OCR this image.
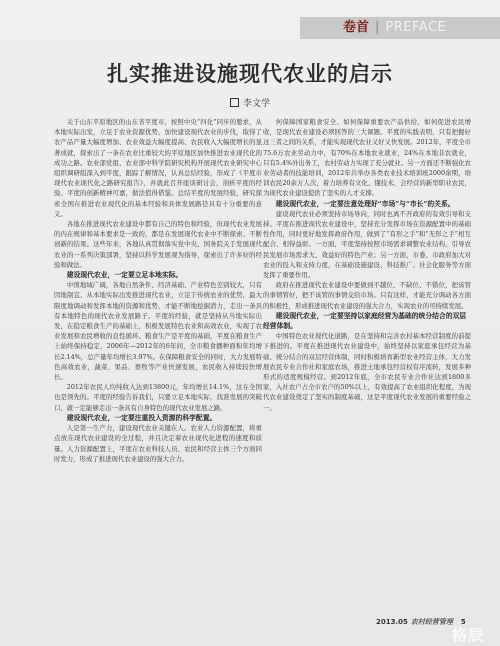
卷首 | PREFACE
扎实推进设施现代农业的启示
李文学

关于山东平原地区的山东省平度市，按照中央“四化”同步的要求，从本地实际出发，立足于农业资源优势，加快建设现代农业的步伐，取得了农产品产量大幅度增加、农业效益大幅度提高、农民收入大幅度增长的显著成就，探索出了一条在农业比重较大的平原地区加快推进农业现代化的成功之路。农业部党组、农业部中科学院研究机构开展现代农业研究中心组织调研组深入到平度，跟踪了解情况，认真总结经验，形成了《平度市现代农业现代化之路研究报告》，并就此召开座谈研讨会，剖析平度的经验。平度的创新精神可嘉，做法值得借鉴。总结平度的发展经验，研究探索全国在推进农业现代化的基本经验和具体发展路径具有十分重要的意义。

各地在推进现代农业建设中都有自己的特色和经验，但现代农业发展的内在规律和基本要求是一致的，都是在发展现代农业中不断探索、不断创新的结果。这些年来，各地认真贯彻落实党中央、国务院关于发展现代农业的一系列决策部署，坚持以科学发展观为指导，探索出了许多好的经验和做法。

建设现代农业，一定要立足本地实际。

中国地域广阔，各地自然条件、经济基础、产业特色差别较大，只有因地制宜、从本地实际出发推进现代农业，立足于传统农业的优势，最大限度地调动和发挥本地的资源和优势，才能不断地挖掘潜力，走出一条具有本地特色的现代农业发展路子。平度的经验，就是坚持从当地实际出发，在稳定粮食生产的基础上，积极发展特色农业和高效农业，实现了农业发展和农民增收的良性循环。粮食生产是平度的基础，平度在粮食生产上始终保持稳定，2006年—2012年的6年间，全市粮食播种面积年均增长2.14%，总产量年均增长3.97%。在保障粮食安全的同时，大力发展特色高效农业，蔬菜、果品、畜牧等产业快速发展，农民收入持续较快增长。

2012年农民人均纯收入达到13800元，年均增长14.1%，这在全国也是领先的。平度的经验告诉我们，只要立足本地实际，找准发展的突破口，就一定能够走出一条具有自身特色的现代农业发展之路。

建设现代农业，一定要注重投入资源的科学配置。

人是第一生产力，建设现代农业关键在人。农业人力资源配置，将重点放在现代农业建设的全过程，并且决定着农业现代化进程的速度和质量。人力资源配置上，平度在农业科技人员、农民和经营主体三个方面同时发力，形成了推进现代农业建设的强大合力。

何保障国家粮食安全、如何保障重要农产品供给、如何促进农民增收，是现代农业建设必须回答的三大课题。平度的实践表明，只有把握好这三者之间的关系，才能实现现代农业又好又快发展。2012年，平度全市75.6万农业劳动力中，有70%在本地农业就业，24%在本地非农就业，只有5.4%外出务工，农村劳动力实现了充分就业。另一方面还不断强化农业劳动者的技能培训，2012年共举办各类农业技术培训班2000余期，培训农民20余万人次，着力培养有文化、懂技术、会经营的新型职业农民，为现代农业建设提供了坚实的人才支撑。

建设现代农业，一定要注意处理好“市场”与“市长”的关系。

建设现代农业必须坚持市场导向，同时也离不开政府的有效引导和支持。平度在推进现代农业建设中，坚持充分发挥市场在资源配置中的基础性作用，同时更好地发挥政府作用，做到了“有形之手”和“无形之手”相互配合、相得益彰。一方面，平度坚持按照市场需求调整农业结构，引导农民发展市场需求大、效益好的特色产业；另一方面，市委、市政府加大对农业的投入和支持力度，在基础设施建设、科技推广、社会化服务等方面发挥了重要作用。

政府在推进现代农业建设中要做到不越位、不缺位、不错位，把该管的事情管好，把不该管的事情交给市场。只有这样，才能充分调动各方面的积极性，形成推进现代农业建设的强大合力，实现农业的可持续发展。

建设现代农业，一定要坚持以家庭经营为基础的统分结合的双层经营体制。

中国特色农业现代化道路，是在坚持和完善农村基本经营制度的前提下推进的。平度在推进现代农业建设中，始终坚持以家庭承包经营为基础、统分结合的双层经营体制，同时积极培育新型农业经营主体，大力发展农民专业合作社和家庭农场，推进土地承包经营权有序流转，发展多种形式的适度规模经营。到2012年底，全市农民专业合作社达到1800多家，入社农户占全市农户的50%以上，有效提高了农业组织化程度，为现代农业建设奠定了坚实的制度基础，这是平度现代农业发展的重要经验之一。

2013.05 农村经营管理 5
格辰
